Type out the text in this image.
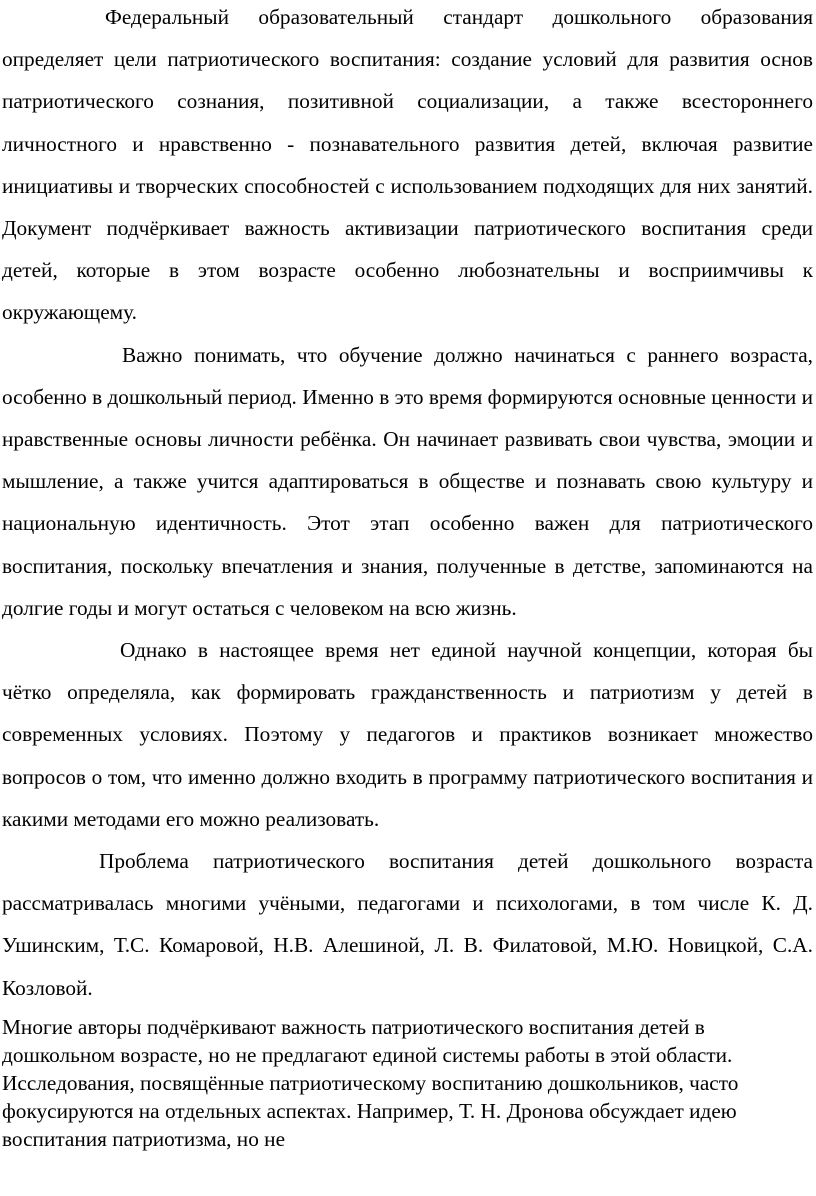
Федеральный образовательный стандарт дошкольного образования определяет цели патриотического воспитания: создание условий для развития основ патриотического сознания, позитивной социализации, а также всестороннего личностного и нравственно - познавательного развития детей, включая развитие инициативы и творческих способностей с использованием подходящих для них занятий. Документ подчёркивает важность активизации патриотического воспитания среди детей, которые в этом возрасте особенно любознательны и восприимчивы к окружающему.

Важно понимать, что обучение должно начинаться с раннего возраста, особенно в дошкольный период. Именно в это время формируются основные ценности и нравственные основы личности ребёнка. Он начинает развивать свои чувства, эмоции и мышление, а также учится адаптироваться в обществе и познавать свою культуру и национальную идентичность. Этот этап особенно важен для патриотического воспитания, поскольку впечатления и знания, полученные в детстве, запоминаются на долгие годы и могут остаться с человеком на всю жизнь.

Однако в настоящее время нет единой научной концепции, которая бы чётко определяла, как формировать гражданственность и патриотизм у детей в современных условиях. Поэтому у педагогов и практиков возникает множество вопросов о том, что именно должно входить в программу патриотического воспитания и какими методами его можно реализовать.

Проблема патриотического воспитания детей дошкольного возраста рассматривалась многими учёными, педагогами и психологами, в том числе К. Д. Ушинским, Т.С. Комаровой, Н.В. Алешиной, Л. В. Филатовой, М.Ю. Новицкой, С.А. Козловой.

Многие авторы подчёркивают важность патриотического воспитания детей в дошкольном возрасте, но не предлагают единой системы работы в этой области. Исследования, посвящённые патриотическому воспитанию дошкольников, часто фокусируются на отдельных аспектах. Например, Т. Н. Дронова обсуждает идею воспитания патриотизма, но не
